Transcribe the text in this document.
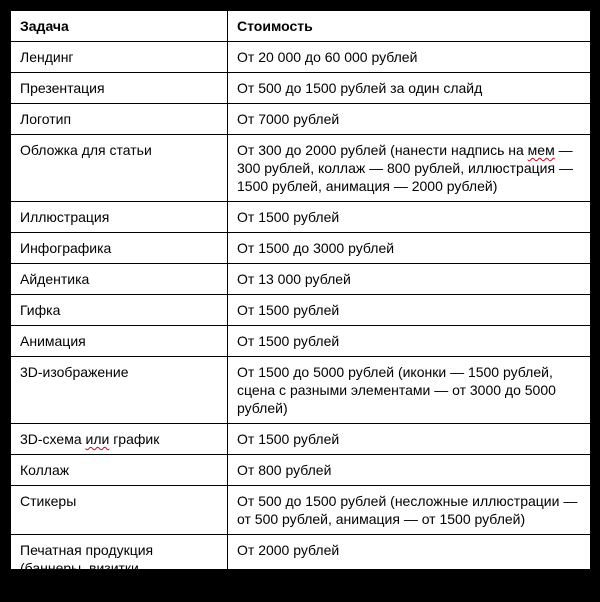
Задача	Стоимость
Лендинг	От 20 000 до 60 000 рублей
Презентация	От 500 до 1500 рублей за один слайд
Логотип	От 7000 рублей
Обложка для статьи	От 300 до 2000 рублей (нанести надпись на мем — 300 рублей, коллаж — 800 рублей, иллюстрация — 1500 рублей, анимация — 2000 рублей)
Иллюстрация	От 1500 рублей
Инфографика	От 1500 до 3000 рублей
Айдентика	От 13 000 рублей
Гифка	От 1500 рублей
Анимация	От 1500 рублей
3D-изображение	От 1500 до 5000 рублей (иконки — 1500 рублей, сцена с разными элементами — от 3000 до 5000 рублей)
3D-схема или график	От 1500 рублей
Коллаж	От 800 рублей
Стикеры	От 500 до 1500 рублей (несложные иллюстрации — от 500 рублей, анимация — от 1500 рублей)
Печатная продукция (баннеры, визитки, сертификаты)	От 2000 рублей
